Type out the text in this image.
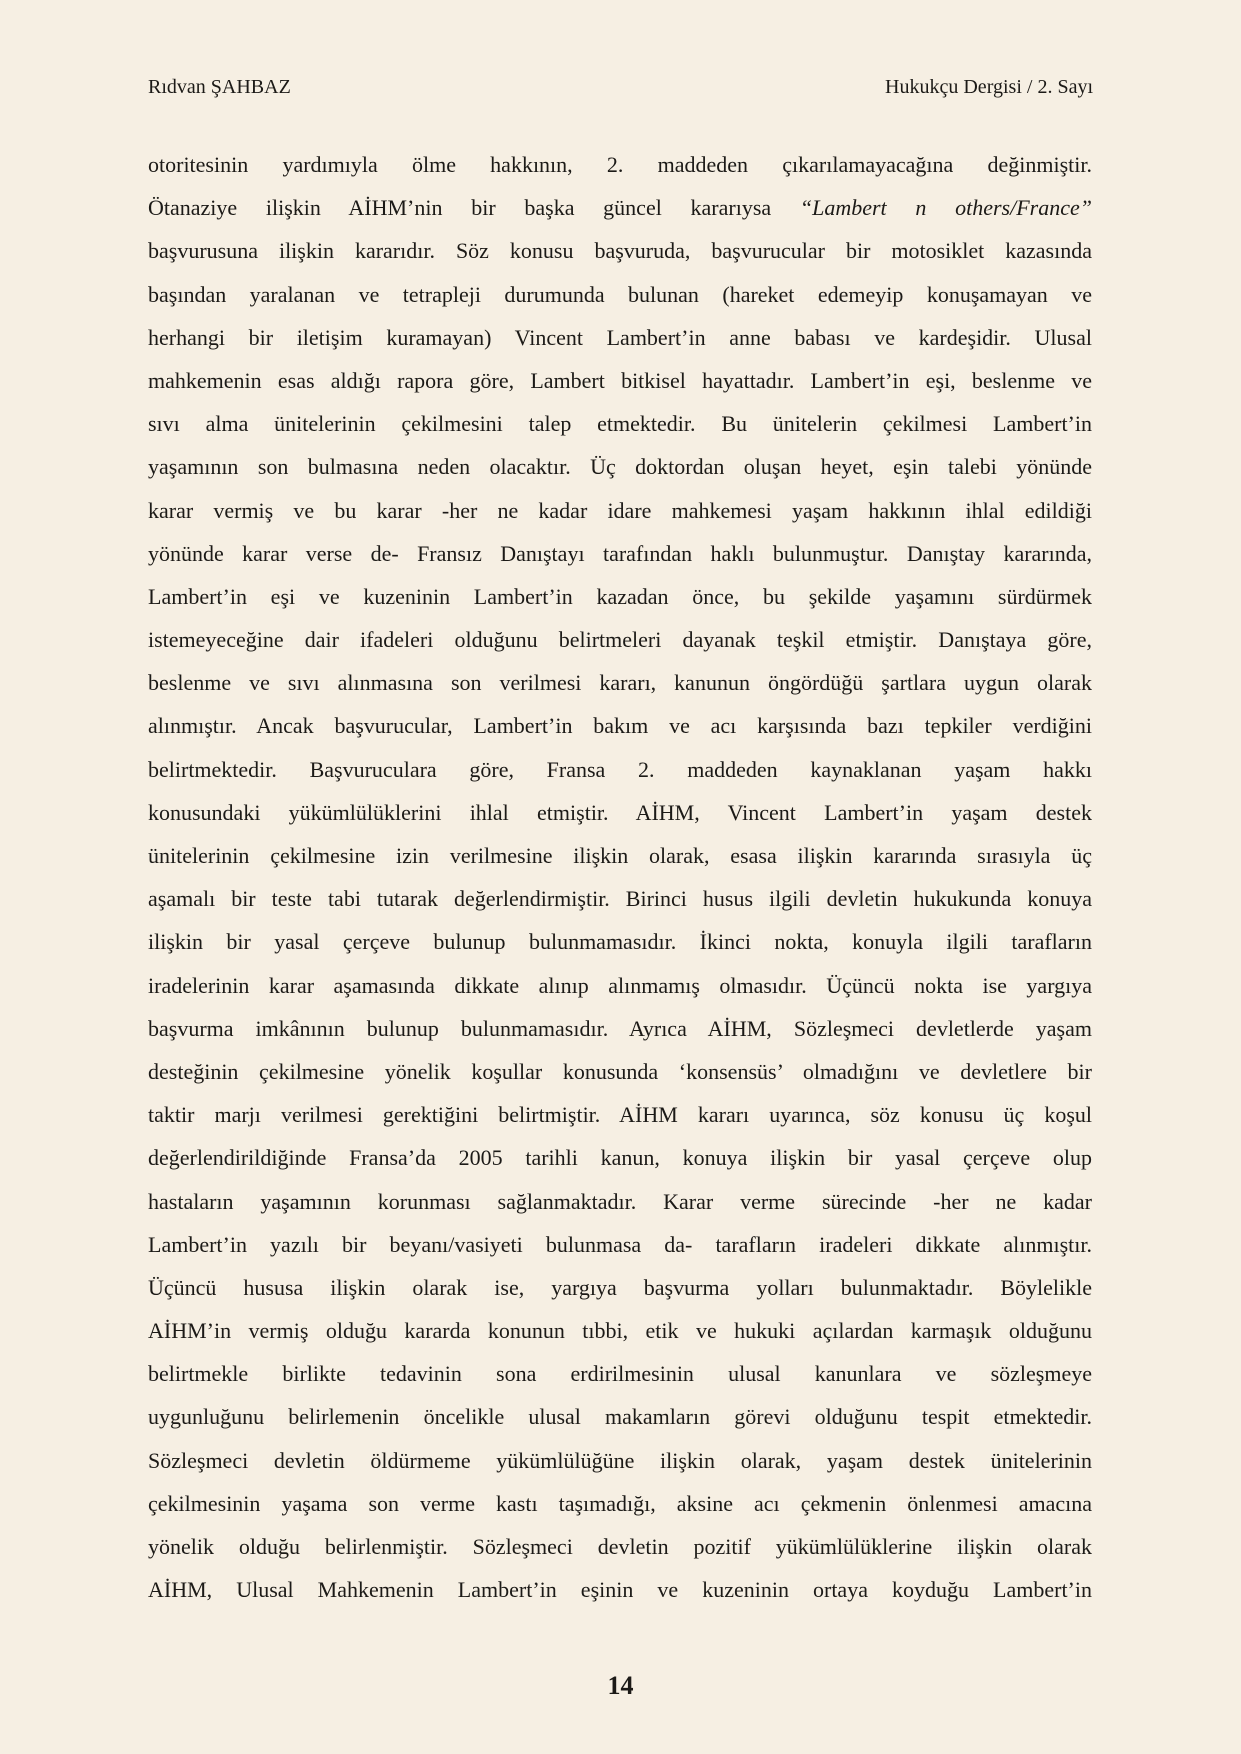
Rıdvan ŞAHBAZ	Hukukçu Dergisi / 2. Sayı
otoritesinin yardımıyla ölme hakkının, 2. maddeden çıkarılamayacağına değinmiştir.
Ötanaziye ilişkin AİHM’nin bir başka güncel kararıysa “Lambert n others/France”
başvurusuna ilişkin kararıdır. Söz konusu başvuruda, başvurucular bir motosiklet kazasında
başından yaralanan ve tetrapleji durumunda bulunan (hareket edemeyip konuşamayan ve
herhangi bir iletişim kuramayan) Vincent Lambert’in anne babası ve kardeşidir. Ulusal
mahkemenin esas aldığı rapora göre, Lambert bitkisel hayattadır. Lambert’in eşi, beslenme ve
sıvı alma ünitelerinin çekilmesini talep etmektedir. Bu ünitelerin çekilmesi Lambert’in
yaşamının son bulmasına neden olacaktır. Üç doktordan oluşan heyet, eşin talebi yönünde
karar vermiş ve bu karar -her ne kadar idare mahkemesi yaşam hakkının ihlal edildiği
yönünde karar verse de- Fransız Danıştayı tarafından haklı bulunmuştur. Danıştay kararında,
Lambert’in eşi ve kuzeninin Lambert’in kazadan önce, bu şekilde yaşamını sürdürmek
istemeyeceğine dair ifadeleri olduğunu belirtmeleri dayanak teşkil etmiştir. Danıştaya göre,
beslenme ve sıvı alınmasına son verilmesi kararı, kanunun öngördüğü şartlara uygun olarak
alınmıştır. Ancak başvurucular, Lambert’in bakım ve acı karşısında bazı tepkiler verdiğini
belirtmektedir. Başvuruculara göre, Fransa 2. maddeden kaynaklanan yaşam hakkı
konusundaki yükümlülüklerini ihlal etmiştir. AİHM, Vincent Lambert’in yaşam destek
ünitelerinin çekilmesine izin verilmesine ilişkin olarak, esasa ilişkin kararında sırasıyla üç
aşamalı bir teste tabi tutarak değerlendirmiştir. Birinci husus ilgili devletin hukukunda konuya
ilişkin bir yasal çerçeve bulunup bulunmamasıdır. İkinci nokta, konuyla ilgili tarafların
iradelerinin karar aşamasında dikkate alınıp alınmamış olmasıdır. Üçüncü nokta ise yargıya
başvurma imkânının bulunup bulunmamasıdır. Ayrıca AİHM, Sözleşmeci devletlerde yaşam
desteğinin çekilmesine yönelik koşullar konusunda ‘konsensüs’ olmadığını ve devletlere bir
taktir marjı verilmesi gerektiğini belirtmiştir. AİHM kararı uyarınca, söz konusu üç koşul
değerlendirildiğinde Fransa’da 2005 tarihli kanun, konuya ilişkin bir yasal çerçeve olup
hastaların yaşamının korunması sağlanmaktadır. Karar verme sürecinde -her ne kadar
Lambert’in yazılı bir beyanı/vasiyeti bulunmasa da- tarafların iradeleri dikkate alınmıştır.
Üçüncü hususa ilişkin olarak ise, yargıya başvurma yolları bulunmaktadır. Böylelikle
AİHM’in vermiş olduğu kararda konunun tıbbi, etik ve hukuki açılardan karmaşık olduğunu
belirtmekle birlikte tedavinin sona erdirilmesinin ulusal kanunlara ve sözleşmeye
uygunluğunu belirlemenin öncelikle ulusal makamların görevi olduğunu tespit etmektedir.
Sözleşmeci devletin öldürmeme yükümlülüğüne ilişkin olarak, yaşam destek ünitelerinin
çekilmesinin yaşama son verme kastı taşımadığı, aksine acı çekmenin önlenmesi amacına
yönelik olduğu belirlenmiştir. Sözleşmeci devletin pozitif yükümlülüklerine ilişkin olarak
AİHM, Ulusal Mahkemenin Lambert’in eşinin ve kuzeninin ortaya koyduğu Lambert’in
14
